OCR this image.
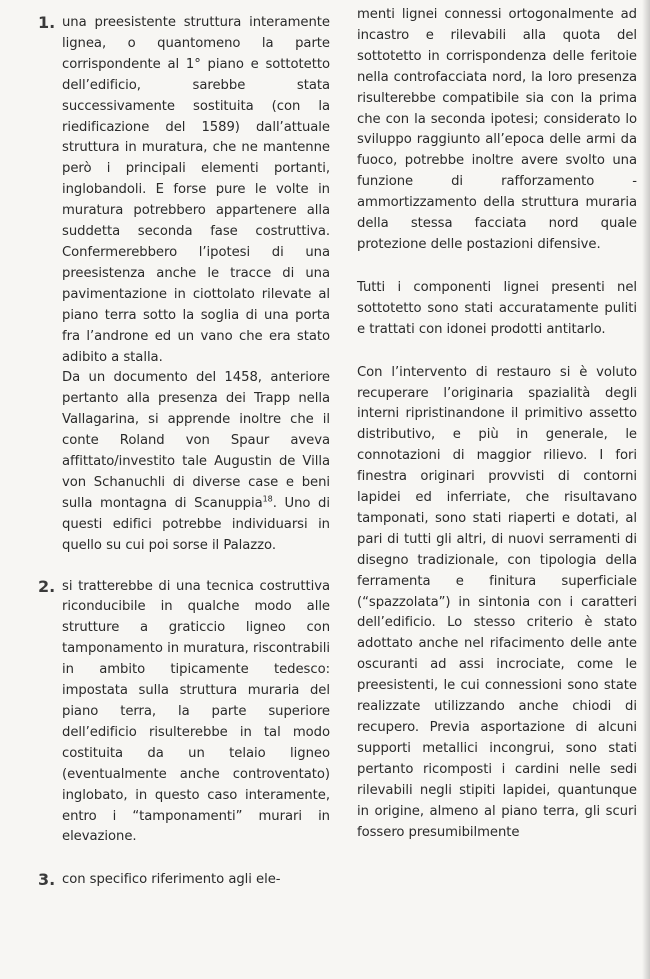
1. una preesistente struttura interamente lignea, o quantomeno la parte corrispondente al 1° piano e sottotetto dell’edificio, sarebbe stata successivamente sostituita (con la riedificazione del 1589) dall’attuale struttura in muratura, che ne mantenne però i principali elementi portanti, inglobandoli. E forse pure le volte in muratura potrebbero appartenere alla suddetta seconda fase costruttiva. Confermerebbero l’ipotesi di una preesistenza anche le tracce di una pavimentazione in ciottolato rilevate al piano terra sotto la soglia di una porta fra l’androne ed un vano che era stato adibito a stalla.

Da un documento del 1458, anteriore pertanto alla presenza dei Trapp nella Vallagarina, si apprende inoltre che il conte Roland von Spaur aveva affittato/investito tale Augustin de Villa von Schanuchli di diverse case e beni sulla montagna di Scanuppia$^{18}$. Uno di questi edifici potrebbe individuarsi in quello su cui poi sorse il Palazzo.

2. si tratterebbe di una tecnica costruttiva riconducibile in qualche modo alle strutture a graticcio ligneo con tamponamento in muratura, riscontrabili in ambito tipicamente tedesco: impostata sulla struttura muraria del piano terra, la parte superiore dell’edificio risulterebbe in tal modo costituita da un telaio ligneo (eventualmente anche controventato) inglobato, in questo caso interamente, entro i “tamponamenti” murari in elevazione.

3. con specifico riferimento agli ele-

menti lignei connessi ortogonalmente ad incastro e rilevabili alla quota del sottotetto in corrispondenza delle feritoie nella controfacciata nord, la loro presenza risulterebbe compatibile sia con la prima che con la seconda ipotesi; considerato lo sviluppo raggiunto all’epoca delle armi da fuoco, potrebbe inoltre avere svolto una funzione di rafforzamento - ammortizzamento della struttura muraria della stessa facciata nord quale protezione delle postazioni difensive.

Tutti i componenti lignei presenti nel sottotetto sono stati accuratamente puliti e trattati con idonei prodotti antitarlo.

Con l’intervento di restauro si è voluto recuperare l’originaria spazialità degli interni ripristinandone il primitivo assetto distributivo, e più in generale, le connotazioni di maggior rilievo. I fori finestra originari provvisti di contorni lapidei ed inferriate, che risultavano tamponati, sono stati riaperti e dotati, al pari di tutti gli altri, di nuovi serramenti di disegno tradizionale, con tipologia della ferramenta e finitura superficiale (“spazzolata”) in sintonia con i caratteri dell’edificio. Lo stesso criterio è stato adottato anche nel rifacimento delle ante oscuranti ad assi incrociate, come le preesistenti, le cui connessioni sono state realizzate utilizzando anche chiodi di recupero. Previa asportazione di alcuni supporti metallici incongrui, sono stati pertanto ricomposti i cardini nelle sedi rilevabili negli stipiti lapidei, quantunque in origine, almeno al piano terra, gli scuri fossero presumibilmente
